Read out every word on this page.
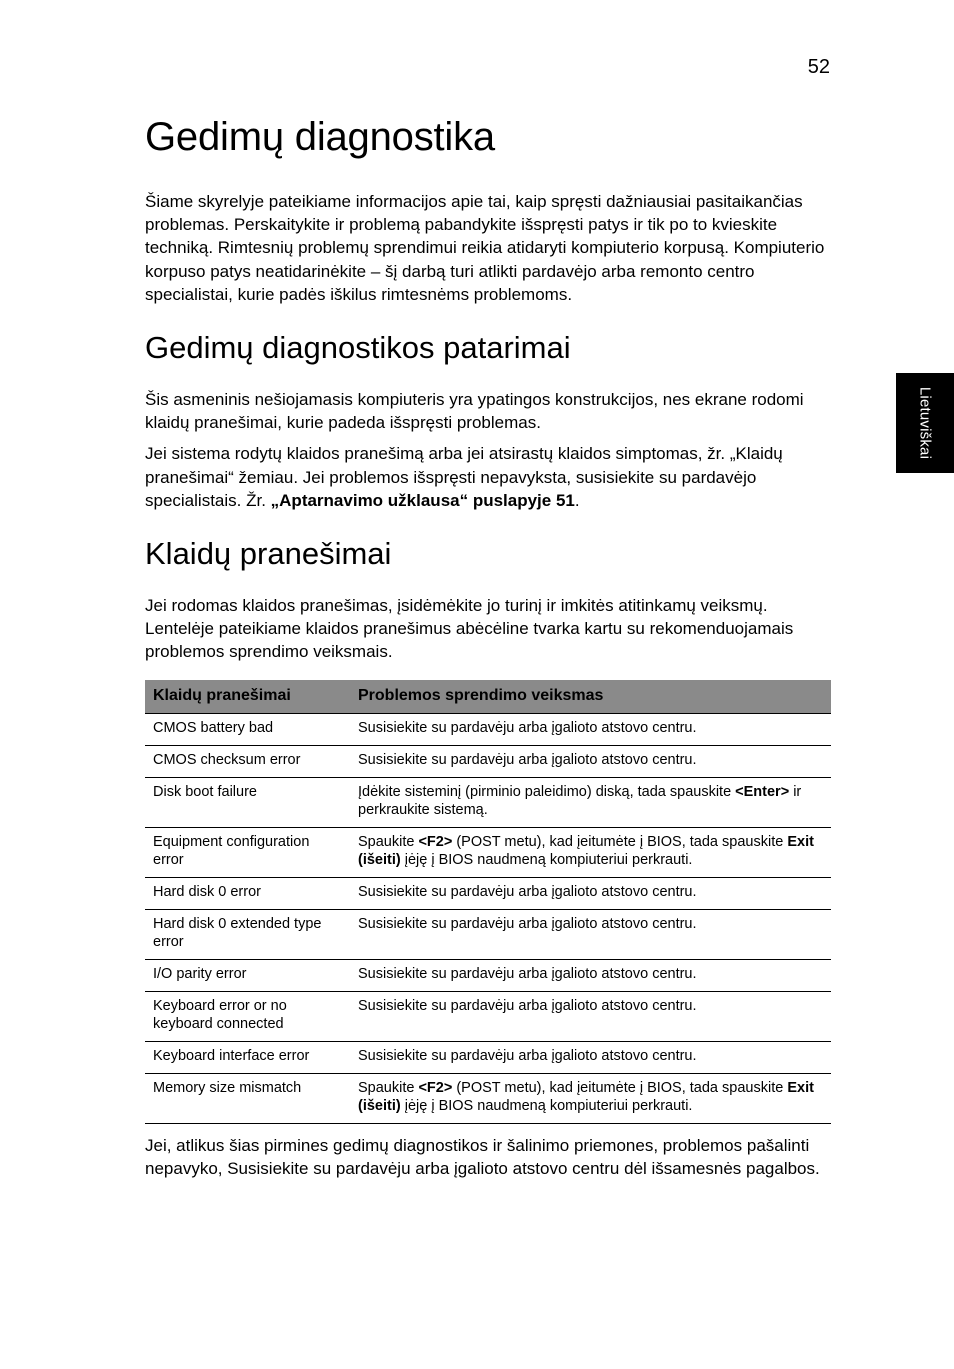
52
Lietuviškai
Gedimų diagnostika

Šiame skyrelyje pateikiame informacijos apie tai, kaip spręsti dažniausiai pasitaikančias problemas. Perskaitykite ir problemą pabandykite išspręsti patys ir tik po to kvieskite techniką. Rimtesnių problemų sprendimui reikia atidaryti kompiuterio korpusą. Kompiuterio korpuso patys neatidarinėkite – šį darbą turi atlikti pardavėjo arba remonto centro specialistai, kurie padės iškilus rimtesnėms problemoms.

Gedimų diagnostikos patarimai

Šis asmeninis nešiojamasis kompiuteris yra ypatingos konstrukcijos, nes ekrane rodomi klaidų pranešimai, kurie padeda išspręsti problemas.

Jei sistema rodytų klaidos pranešimą arba jei atsirastų klaidos simptomas, žr. „Klaidų pranešimai“ žemiau. Jei problemos išspręsti nepavyksta, susisiekite su pardavėjo specialistais. Žr. „Aptarnavimo užklausa“ puslapyje 51.

Klaidų pranešimai

Jei rodomas klaidos pranešimas, įsidėmėkite jo turinį ir imkitės atitinkamų veiksmų. Lentelėje pateikiame klaidos pranešimus abėcėline tvarka kartu su rekomenduojamais problemos sprendimo veiksmais.

Klaidų pranešimai	Problemos sprendimo veiksmas
CMOS battery bad	Susisiekite su pardavėju arba įgalioto atstovo centru.
CMOS checksum error	Susisiekite su pardavėju arba įgalioto atstovo centru.
Disk boot failure	Įdėkite sisteminį (pirminio paleidimo) diską, tada spauskite <Enter> ir perkraukite sistemą.
Equipment configuration error	Spaukite <F2> (POST metu), kad įeitumėte į BIOS, tada spauskite Exit (išeiti) įėję į BIOS naudmeną kompiuteriui perkrauti.
Hard disk 0 error	Susisiekite su pardavėju arba įgalioto atstovo centru.
Hard disk 0 extended type error	Susisiekite su pardavėju arba įgalioto atstovo centru.
I/O parity error	Susisiekite su pardavėju arba įgalioto atstovo centru.
Keyboard error or no keyboard connected	Susisiekite su pardavėju arba įgalioto atstovo centru.
Keyboard interface error	Susisiekite su pardavėju arba įgalioto atstovo centru.
Memory size mismatch	Spaukite <F2> (POST metu), kad įeitumėte į BIOS, tada spauskite Exit (išeiti) įėję į BIOS naudmeną kompiuteriui perkrauti.

Jei, atlikus šias pirmines gedimų diagnostikos ir šalinimo priemones, problemos pašalinti nepavyko, Susisiekite su pardavėju arba įgalioto atstovo centru dėl išsamesnės pagalbos.
